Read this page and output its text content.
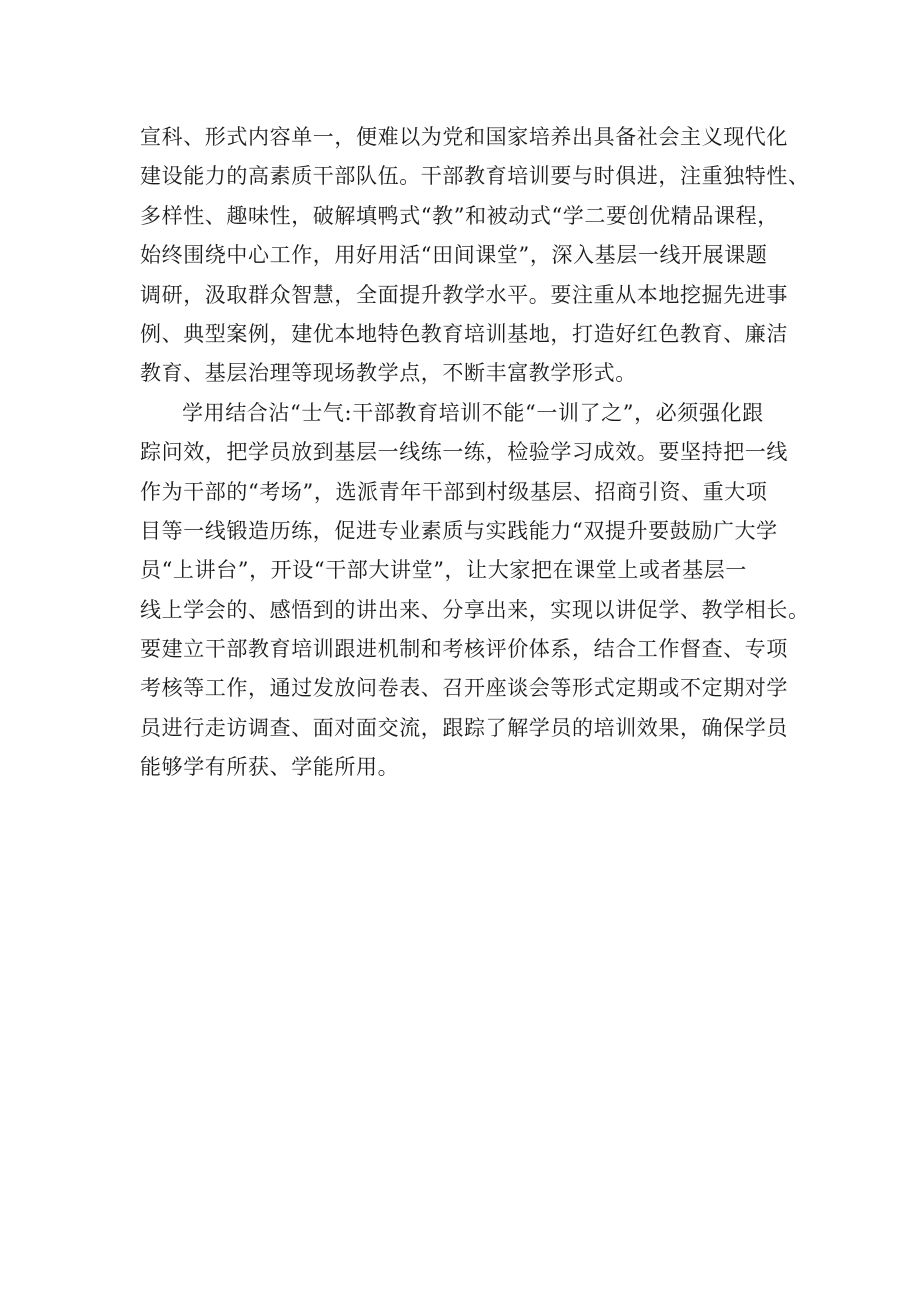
宣科、形式内容单一，便难以为党和国家培养出具备社会主义现代化
建设能力的高素质干部队伍。干部教育培训要与时俱进，注重独特性、
多样性、趣味性，破解填鸭式“教”和被动式“学二要创优精品课程，
始终围绕中心工作，用好用活“田间课堂”，深入基层一线开展课题
调研，汲取群众智慧，全面提升教学水平。要注重从本地挖掘先进事
例、典型案例，建优本地特色教育培训基地，打造好红色教育、廉洁
教育、基层治理等现场教学点，不断丰富教学形式。
学用结合沾“士气:干部教育培训不能“一训了之”，必须强化跟
踪问效，把学员放到基层一线练一练，检验学习成效。要坚持把一线
作为干部的“考场”，选派青年干部到村级基层、招商引资、重大项
目等一线锻造历练，促进专业素质与实践能力“双提升要鼓励广大学
员“上讲台”，开设“干部大讲堂”，让大家把在课堂上或者基层一
线上学会的、感悟到的讲出来、分享出来，实现以讲促学、教学相长。
要建立干部教育培训跟进机制和考核评价体系，结合工作督查、专项
考核等工作，通过发放问卷表、召开座谈会等形式定期或不定期对学
员进行走访调查、面对面交流，跟踪了解学员的培训效果，确保学员
能够学有所获、学能所用。
